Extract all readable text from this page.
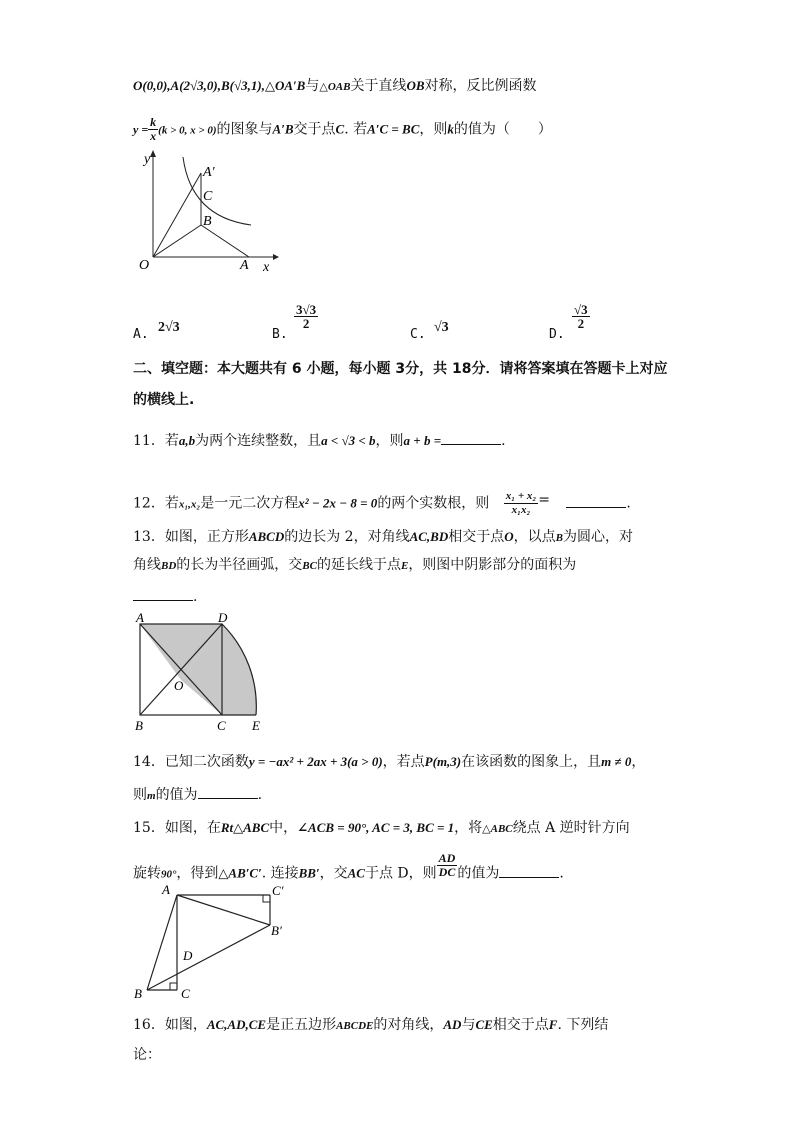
O(0,0),A(2√3,0),B(√3,1),△OA′B与△OAB关于直线OB对称，反比例函数
$y = \frac{k}{x} (k > 0$, x > 0)的图象与A′B交于点C. 若A′C = BC，则k的值为（　　）
y
x
O	A
B
C
A′
A. 2√3	B.
$\frac{3√3}{2}$
C. √3	D.
$\frac{√3}{2}$
二、填空题：本大题共有 6 小题，每小题 3分，共 18分．请将答案填在答题卡上对应
的横线上.
11．若a,b为两个连续整数，且a < √3 < b，则a + b =	.
12．若x₁,x₂是一元二次方程x² − 2x − 8 = 0的两个实数根，则 $\frac{\text{x₁ + x₂}}{\text{x₁x₂}}$ =	.
13．如图，正方形ABCD的边长为 2，对角线AC,BD相交于点O，以点B为圆心，对
角线BD的长为半径画弧，交BC的延长线于点E，则图中阴影部分的面积为
.
A	D
O
B	C E
14．已知二次函数y = −ax² + 2ax + 3(a > 0)，若点P(m,3)在该函数的图象上，且m ≠ 0，
则m的值为	.
15．如图，在Rt△ABC中，∠ACB = 90°, AC = 3, BC = 1，将△ABC绕点 A 逆时针方向
旋转90°，得到△AB′C′. 连接BB′，交AC于点 D，则 $\frac{AD}{DC}$ 的值为	.
A	C′
B′
D
B	C
16．如图，AC,AD,CE是正五边形ABCDE的对角线，AD与CE相交于点F. 下列结
论：
